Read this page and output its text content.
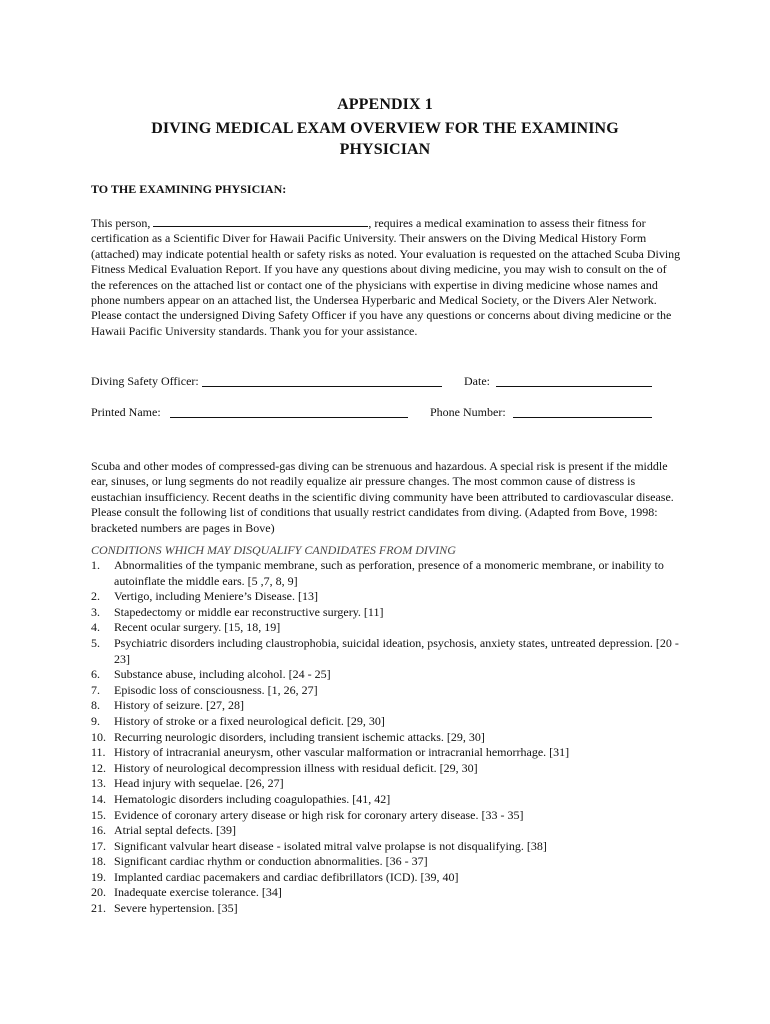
APPENDIX 1
DIVING MEDICAL EXAM OVERVIEW FOR THE EXAMINING
PHYSICIAN
TO THE EXAMINING PHYSICIAN:
This person,	, requires a medical examination to assess their fitness for certification as a Scientific Diver for Hawaii Pacific University. Their answers on the Diving Medical History Form (attached) may indicate potential health or safety risks as noted. Your evaluation is requested on the attached Scuba Diving Fitness Medical Evaluation Report. If you have any questions about diving medicine, you may wish to consult on the of the references on the attached list or contact one of the physicians with expertise in diving medicine whose names and phone numbers appear on an attached list, the Undersea Hyperbaric and Medical Society, or the Divers Aler Network. Please contact the undersigned Diving Safety Officer if you have any questions or concerns about diving medicine or the Hawaii Pacific University standards. Thank you for your assistance.
Diving Safety Officer:	Date:
Printed Name:	Phone Number:
Scuba and other modes of compressed-gas diving can be strenuous and hazardous. A special risk is present if the middle ear, sinuses, or lung segments do not readily equalize air pressure changes. The most common cause of distress is eustachian insufficiency. Recent deaths in the scientific diving community have been attributed to cardiovascular disease. Please consult the following list of conditions that usually restrict candidates from diving. (Adapted from Bove, 1998: bracketed numbers are pages in Bove)
CONDITIONS WHICH MAY DISQUALIFY CANDIDATES FROM DIVING
1. Abnormalities of the tympanic membrane, such as perforation, presence of a monomeric membrane, or inability to autoinflate the middle ears. [5 ,7, 8, 9]
2. Vertigo, including Meniere’s Disease. [13]
3. Stapedectomy or middle ear reconstructive surgery. [11]
4. Recent ocular surgery. [15, 18, 19]
5. Psychiatric disorders including claustrophobia, suicidal ideation, psychosis, anxiety states, untreated depression. [20 - 23]
6. Substance abuse, including alcohol. [24 - 25]
7. Episodic loss of consciousness. [1, 26, 27]
8. History of seizure. [27, 28]
9. History of stroke or a fixed neurological deficit. [29, 30]
10. Recurring neurologic disorders, including transient ischemic attacks. [29, 30]
11. History of intracranial aneurysm, other vascular malformation or intracranial hemorrhage. [31]
12. History of neurological decompression illness with residual deficit. [29, 30]
13. Head injury with sequelae. [26, 27]
14. Hematologic disorders including coagulopathies. [41, 42]
15. Evidence of coronary artery disease or high risk for coronary artery disease. [33 - 35]
16. Atrial septal defects. [39]
17. Significant valvular heart disease - isolated mitral valve prolapse is not disqualifying. [38]
18. Significant cardiac rhythm or conduction abnormalities. [36 - 37]
19. Implanted cardiac pacemakers and cardiac defibrillators (ICD). [39, 40]
20. Inadequate exercise tolerance. [34]
21. Severe hypertension. [35]
